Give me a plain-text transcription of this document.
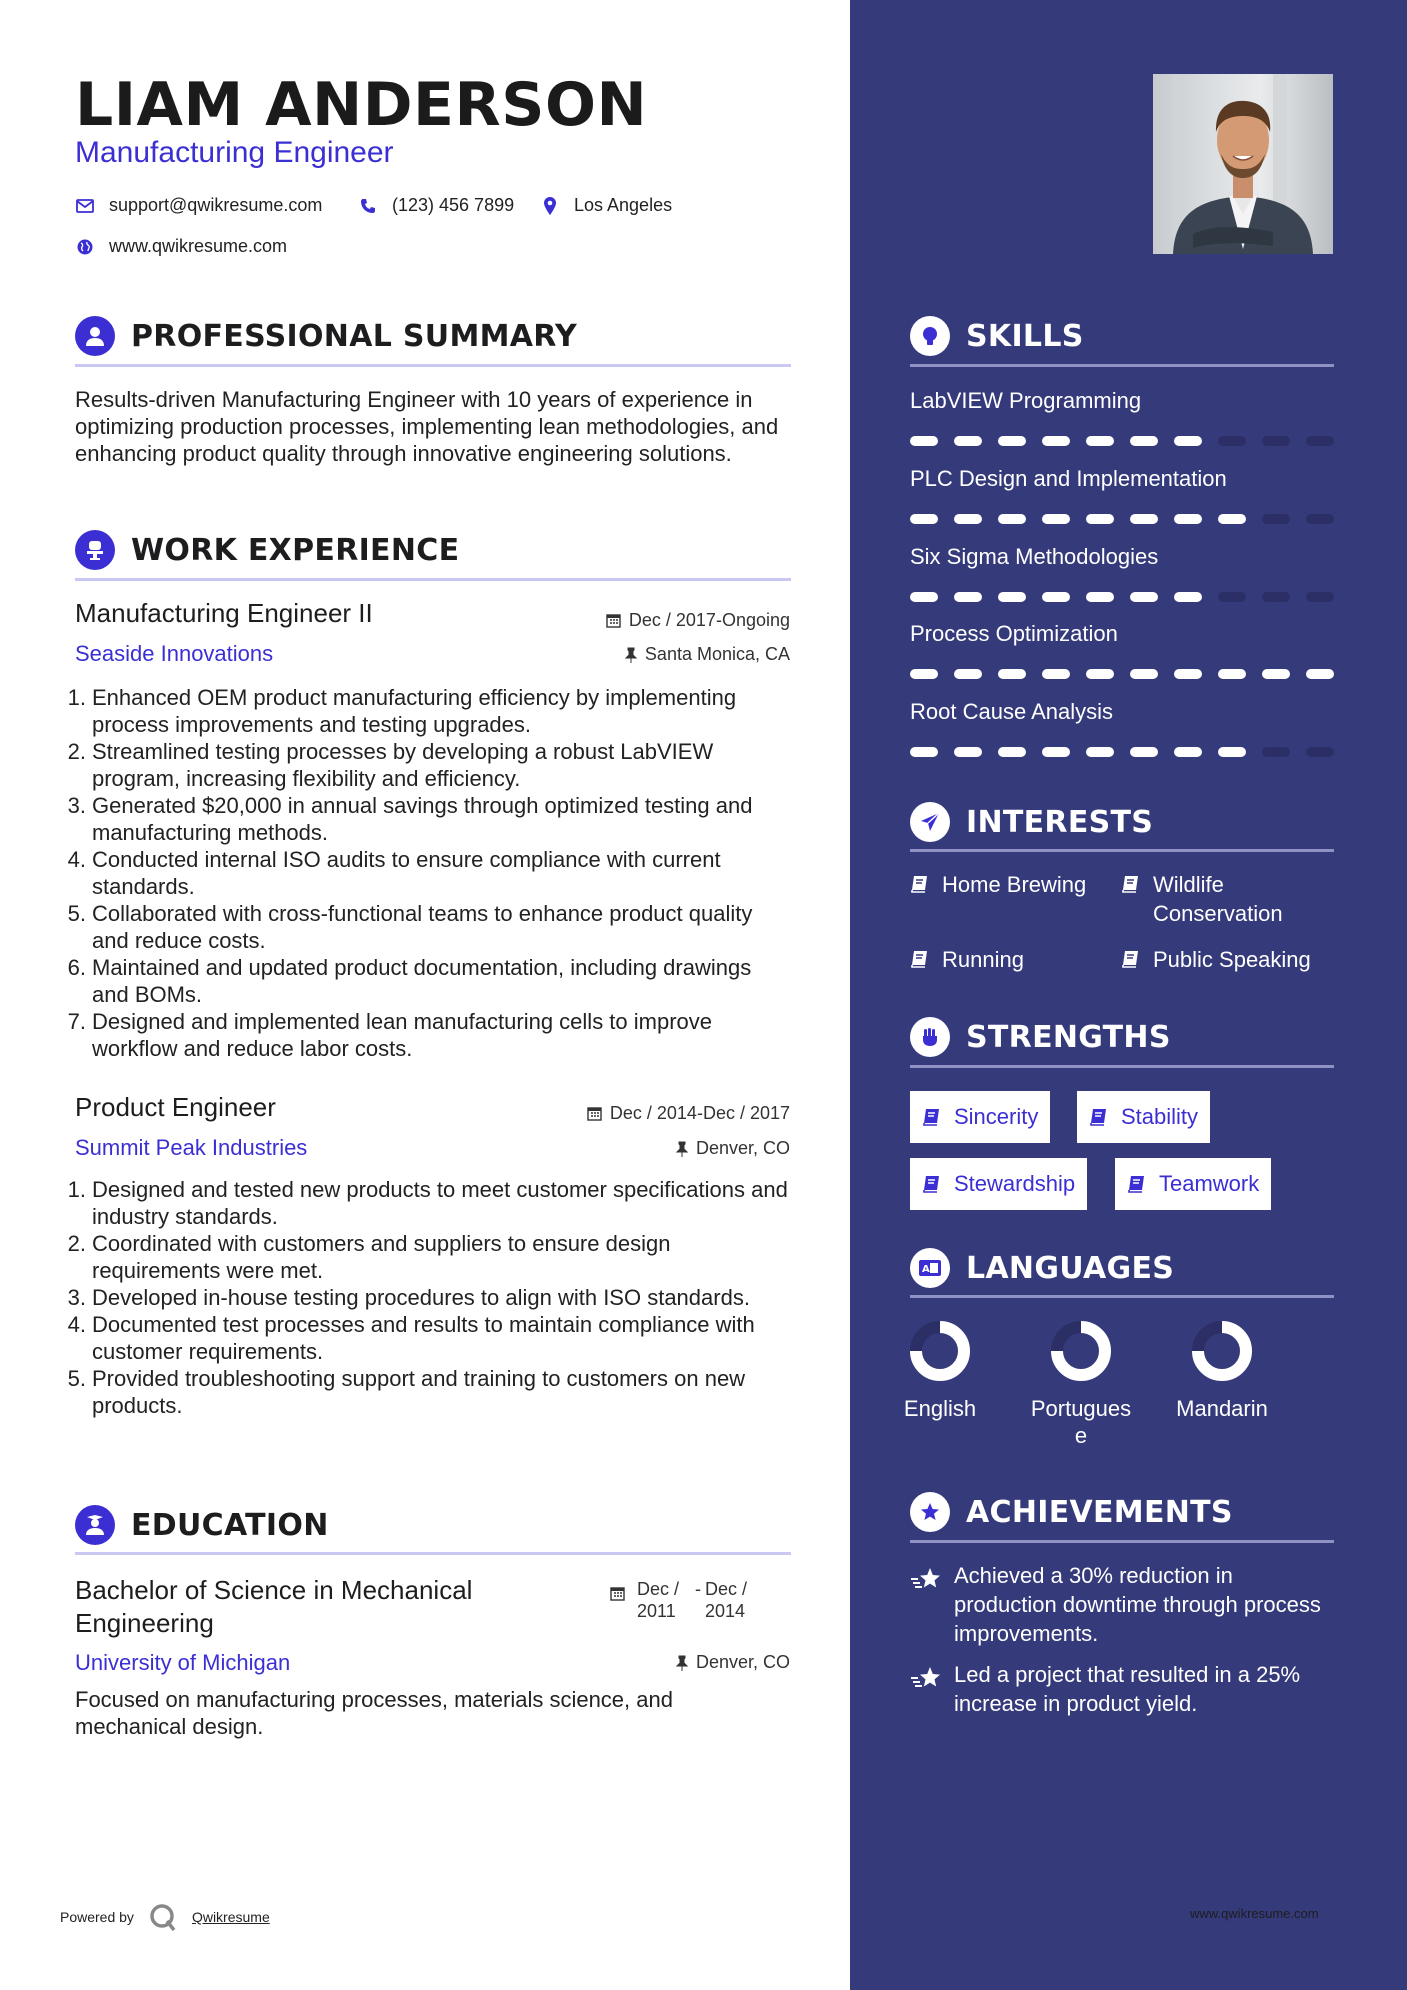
LIAM ANDERSON
Manufacturing Engineer
support@qwikresume.com	(123) 456 7899	Los Angeles
www.qwikresume.com
PROFESSIONAL SUMMARY
Results-driven Manufacturing Engineer with 10 years of experience in optimizing production processes, implementing lean methodologies, and enhancing product quality through innovative engineering solutions.
WORK EXPERIENCE
Manufacturing Engineer II	Dec / 2017-Ongoing
Seaside Innovations	Santa Monica, CA
1. Enhanced OEM product manufacturing efficiency by implementing process improvements and testing upgrades.
2. Streamlined testing processes by developing a robust LabVIEW program, increasing flexibility and efficiency.
3. Generated $20,000 in annual savings through optimized testing and manufacturing methods.
4. Conducted internal ISO audits to ensure compliance with current standards.
5. Collaborated with cross-functional teams to enhance product quality and reduce costs.
6. Maintained and updated product documentation, including drawings and BOMs.
7. Designed and implemented lean manufacturing cells to improve workflow and reduce labor costs.
Product Engineer	Dec / 2014-Dec / 2017
Summit Peak Industries	Denver, CO
1. Designed and tested new products to meet customer specifications and industry standards.
2. Coordinated with customers and suppliers to ensure design requirements were met.
3. Developed in-house testing procedures to align with ISO standards.
4. Documented test processes and results to maintain compliance with customer requirements.
5. Provided troubleshooting support and training to customers on new products.
EDUCATION
Bachelor of Science in Mechanical Engineering
Dec / 2011
- Dec / 2014
University of Michigan	Denver, CO
Focused on manufacturing processes, materials science, and mechanical design.
Powered by	Qwikresume
SKILLS
LabVIEW Programming
PLC Design and Implementation
Six Sigma Methodologies
Process Optimization
Root Cause Analysis
INTERESTS
Home Brewing	Wildlife Conservation
Running	Public Speaking
STRENGTHS
Sincerity	Stability
Stewardship	Teamwork
A LANGUAGES
English	Portuguese
Mandarin
ACHIEVEMENTS
Achieved a 30% reduction in production downtime through process improvements.
Led a project that resulted in a 25% increase in product yield.
www.qwikresume.com
